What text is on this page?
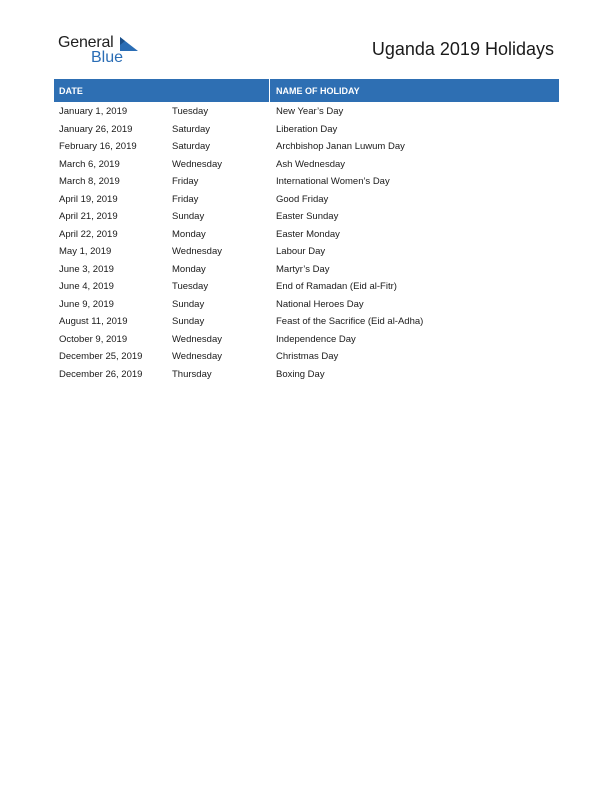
General
Blue	Uganda 2019 Holidays
DATE	NAME OF HOLIDAY
January 1, 2019	Tuesday	New Year’s Day
January 26, 2019	Saturday	Liberation Day
February 16, 2019	Saturday	Archbishop Janan Luwum Day
March 6, 2019	Wednesday	Ash Wednesday
March 8, 2019	Friday	International Women’s Day
April 19, 2019	Friday	Good Friday
April 21, 2019	Sunday	Easter Sunday
April 22, 2019	Monday	Easter Monday
May 1, 2019	Wednesday	Labour Day
June 3, 2019	Monday	Martyr’s Day
June 4, 2019	Tuesday	End of Ramadan (Eid al-Fitr)
June 9, 2019	Sunday	National Heroes Day
August 11, 2019	Sunday	Feast of the Sacrifice (Eid al-Adha)
October 9, 2019	Wednesday	Independence Day
December 25, 2019	Wednesday	Christmas Day
December 26, 2019	Thursday	Boxing Day
